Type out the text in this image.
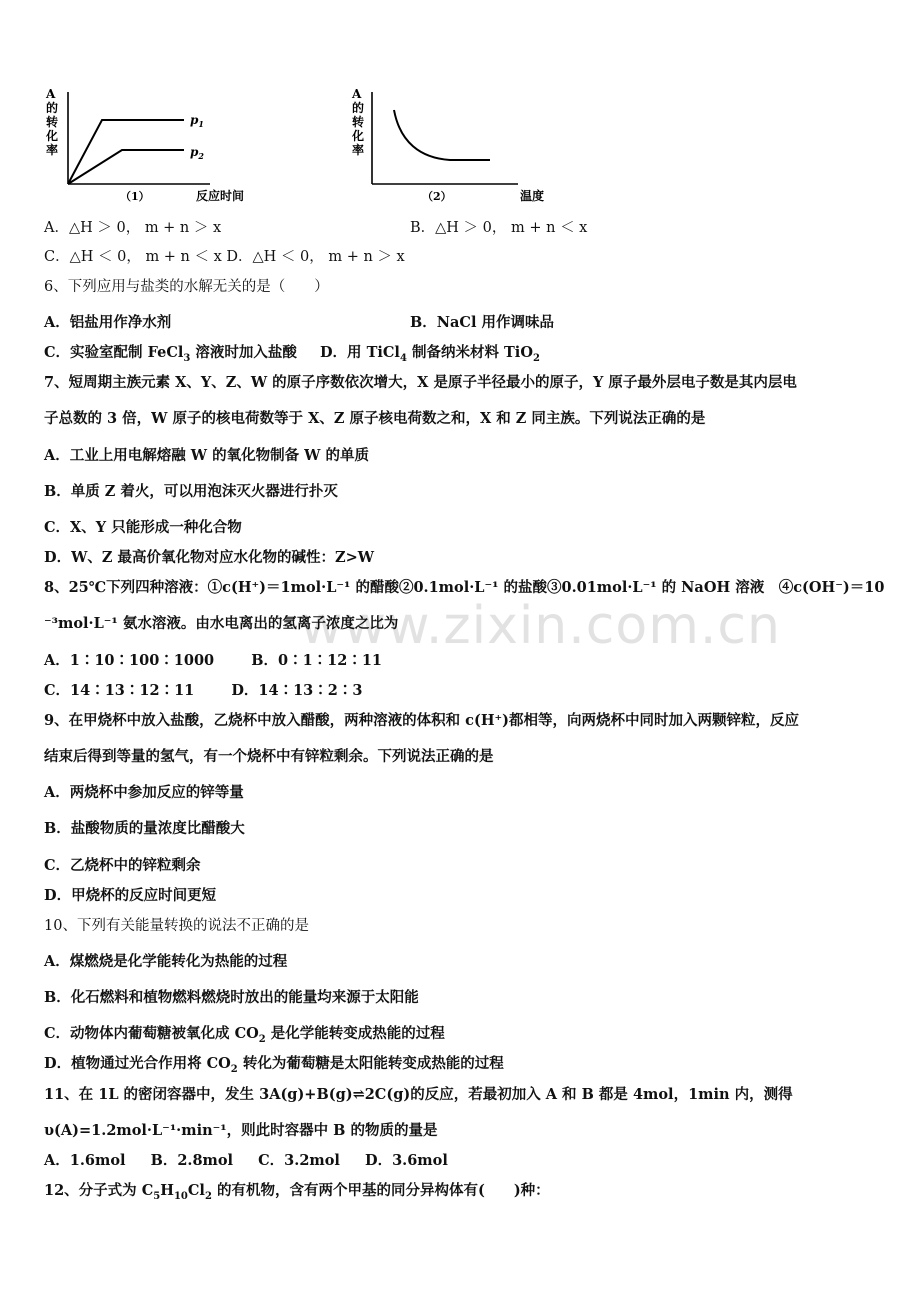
www.zixin.com.cn
A
的
转
化
率
$p_1$
$p_2$
（1）	反应时间
A
的
转
化
率
（2）	温度
A．△H ＞ 0， m + n ＞ x	B．△H ＞ 0， m + n ＜ x
C．△H ＜ 0， m + n ＜ x D．△H ＜ 0， m + n ＞ x
6、下列应用与盐类的水解无关的是（　　）
A．铝盐用作净水剂	B．NaCl 用作调味品
C．实验室配制 FeCl$_3$ 溶液时加入盐酸 D．用 TiCl$_4$ 制备纳米材料 TiO$_2$
7、短周期主族元素 X、Y、Z、W 的原子序数依次增大，X 是原子半径最小的原子，Y 原子最外层电子数是其内层电
子总数的 3 倍，W 原子的核电荷数等于 X、Z 原子核电荷数之和，X 和 Z 同主族。下列说法正确的是
A．工业上用电解熔融 W 的氧化物制备 W 的单质
B．单质 Z 着火，可以用泡沫灭火器进行扑灭
C．X、Y 只能形成一种化合物
D．W、Z 最高价氧化物对应水化物的碱性：Z>W
8、25℃下列四种溶液：①c(H⁺)＝1mol·L⁻¹ 的醋酸②0.1mol·L⁻¹ 的盐酸③0.01mol·L⁻¹ 的 NaOH 溶液　④c(OH⁻)＝10
⁻³mol·L⁻¹ 氨水溶液。由水电离出的氢离子浓度之比为
A．1∶10∶100∶1000	B．0∶1∶12∶11
C．14∶13∶12∶11	D．14∶13∶2∶3
9、在甲烧杯中放入盐酸，乙烧杯中放入醋酸，两种溶液的体积和 c(H⁺)都相等，向两烧杯中同时加入两颗锌粒，反应
结束后得到等量的氢气，有一个烧杯中有锌粒剩余。下列说法正确的是
A．两烧杯中参加反应的锌等量
B．盐酸物质的量浓度比醋酸大
C．乙烧杯中的锌粒剩余
D．甲烧杯的反应时间更短
10、下列有关能量转换的说法不正确的是
A．煤燃烧是化学能转化为热能的过程
B．化石燃料和植物燃料燃烧时放出的能量均来源于太阳能
C．动物体内葡萄糖被氧化成 $CO_2$ 是化学能转变成热能的过程
D．植物通过光合作用将 $CO_2$ 转化为葡萄糖是太阳能转变成热能的过程
11、在 1L 的密闭容器中，发生 3A(g)+B(g)⇌2C(g)的反应，若最初加入 A 和 B 都是 4mol，1min 内，测得
υ(A)=1.2mol·L⁻¹·min⁻¹，则此时容器中 B 的物质的量是
A．1.6mol B．2.8mol C．3.2mol D．3.6mol
12、分子式为 $C_5H_{10}Cl_2$ 的有机物，含有两个甲基的同分异构体有(　　)种：
